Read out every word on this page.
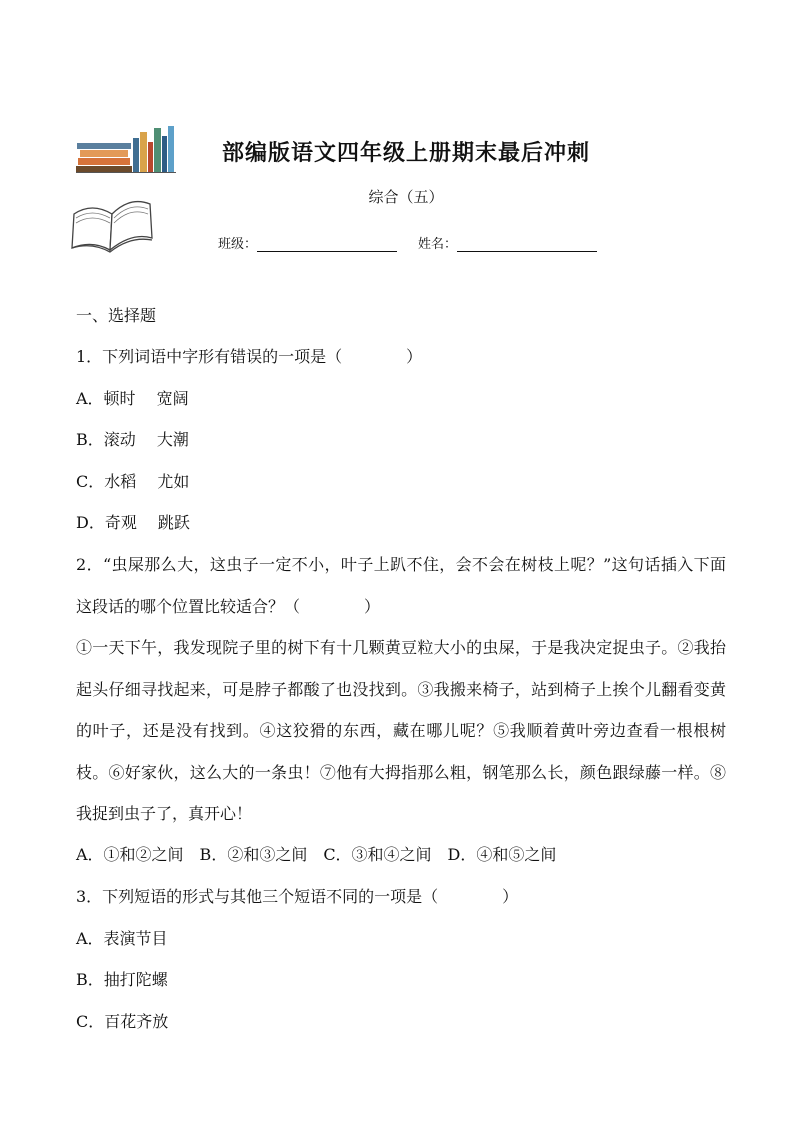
部编版语文四年级上册期末最后冲刺
综合（五）
班级：	姓名：
一、选择题
1．下列词语中字形有错误的一项是（　　　　）
A．顿时　 宽阔
B．滚动　 大潮
C．水稻　 尤如
D．奇观　 跳跃
2．“虫屎那么大，这虫子一定不小，叶子上趴不住，会不会在树枝上呢？”这句话插入下面这段话的哪个位置比较适合？（　　　　）
①一天下午，我发现院子里的树下有十几颗黄豆粒大小的虫屎，于是我决定捉虫子。②我抬起头仔细寻找起来，可是脖子都酸了也没找到。③我搬来椅子，站到椅子上挨个儿翻看变黄的叶子，还是没有找到。④这狡猾的东西，藏在哪儿呢？⑤我顺着黄叶旁边查看一根根树枝。⑥好家伙，这么大的一条虫！⑦他有大拇指那么粗，钢笔那么长，颜色跟绿藤一样。⑧我捉到虫子了，真开心！
A．①和②之间　B．②和③之间　C．③和④之间　D．④和⑤之间
3．下列短语的形式与其他三个短语不同的一项是（　　　　）
A．表演节目
B．抽打陀螺
C．百花齐放
